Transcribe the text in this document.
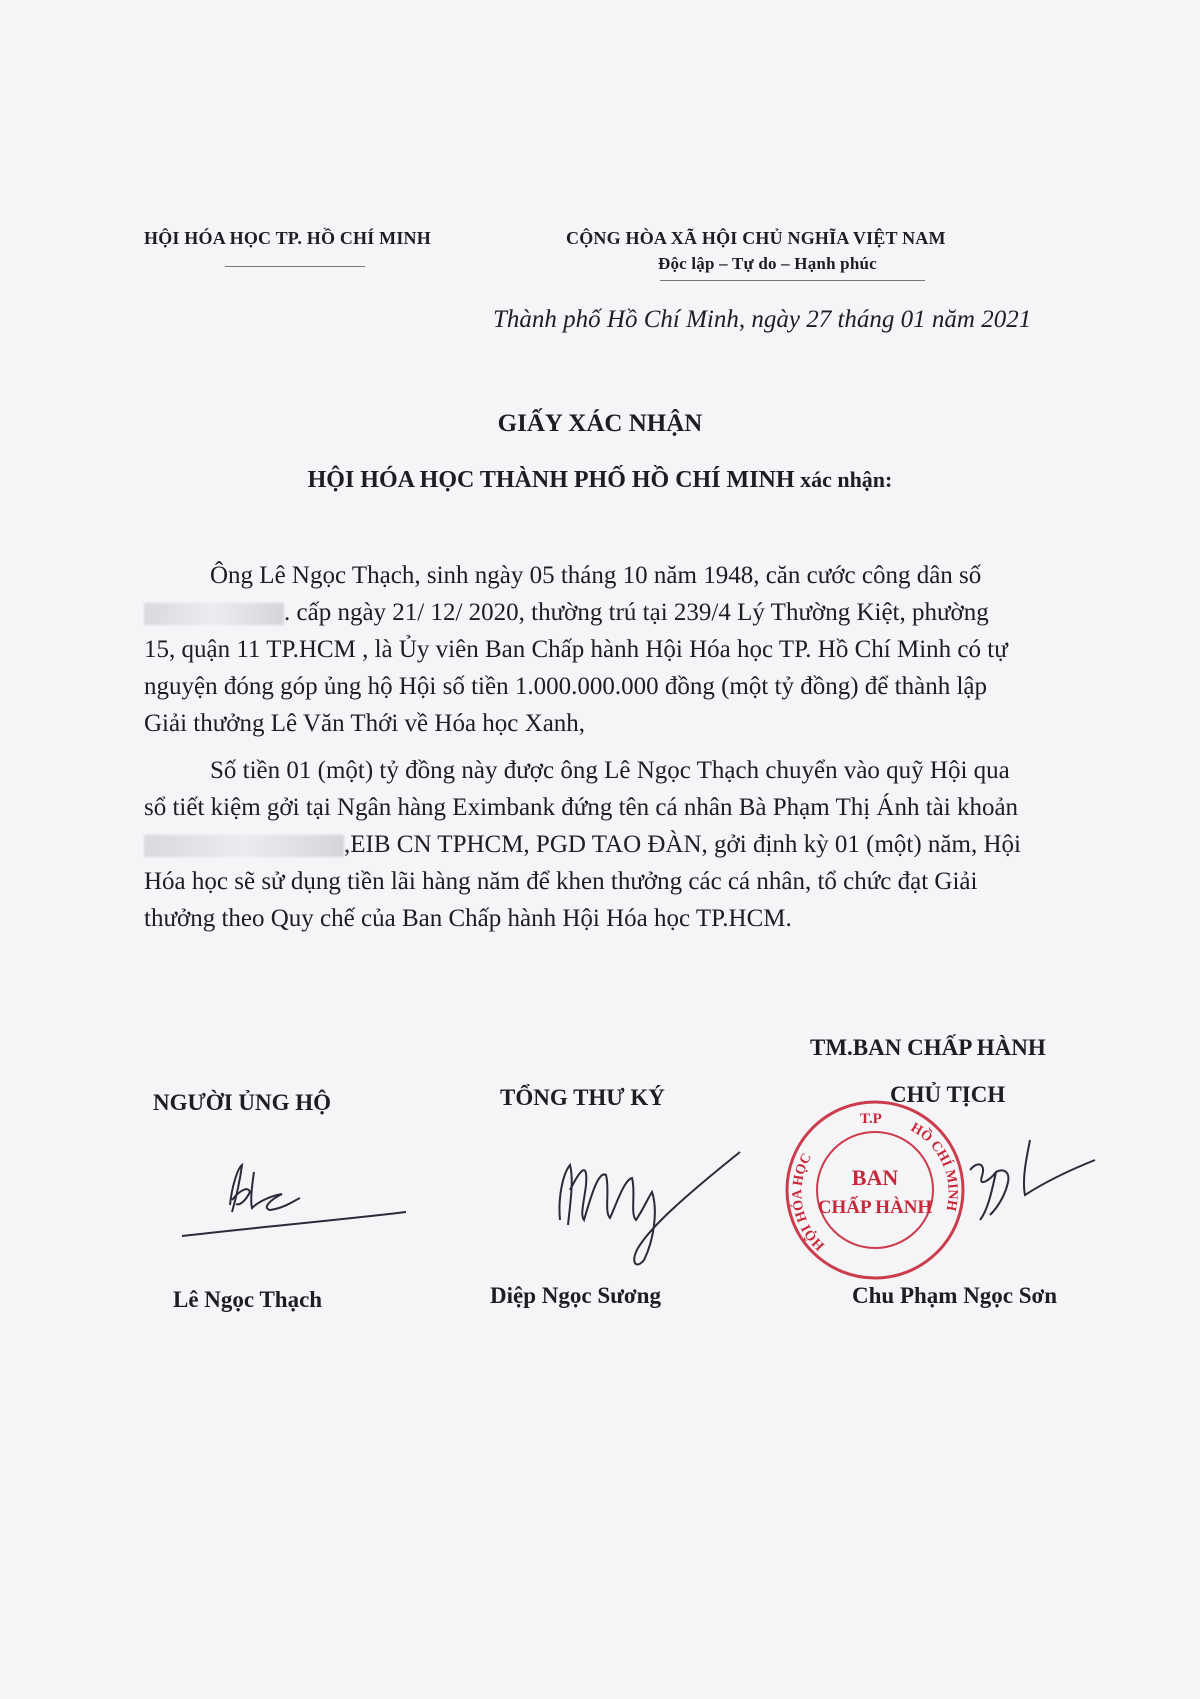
HỘI HÓA HỌC TP. HỒ CHÍ MINH	CỘNG HÒA XÃ HỘI CHỦ NGHĨA VIỆT NAM
Độc lập – Tự do – Hạnh phúc
Thành phố Hồ Chí Minh, ngày 27 tháng 01 năm 2021
GIẤY XÁC NHẬN
HỘI HÓA HỌC THÀNH PHỐ HỒ CHÍ MINH xác nhận:
Ông Lê Ngọc Thạch, sinh ngày 05 tháng 10 năm 1948, căn cước công dân số
. cấp ngày 21/ 12/ 2020, thường trú tại 239/4 Lý Thường Kiệt, phường
15, quận 11 TP.HCM , là Ủy viên Ban Chấp hành Hội Hóa học TP. Hồ Chí Minh có tự
nguyện đóng góp ủng hộ Hội số tiền 1.000.000.000 đồng (một tỷ đồng) để thành lập
Giải thưởng Lê Văn Thới về Hóa học Xanh,
Số tiền 01 (một) tỷ đồng này được ông Lê Ngọc Thạch chuyển vào quỹ Hội qua
sổ tiết kiệm gởi tại Ngân hàng Eximbank đứng tên cá nhân Bà Phạm Thị Ánh tài khoản
,EIB CN TPHCM, PGD TAO ĐÀN, gởi định kỳ 01 (một) năm, Hội
Hóa học sẽ sử dụng tiền lãi hàng năm để khen thưởng các cá nhân, tổ chức đạt Giải
thưởng theo Quy chế của Ban Chấp hành Hội Hóa học TP.HCM.
TM.BAN CHẤP HÀNH
NGƯỜI ỦNG HỘ	TỔNG THƯ KÝ	CHỦ TỊCH
T.P
HỘI HÓA HỌC
HỒ CHÍ MINH
BAN
CHẤP HÀNH
Lê Ngọc Thạch	Diệp Ngọc Sương	Chu Phạm Ngọc Sơn
